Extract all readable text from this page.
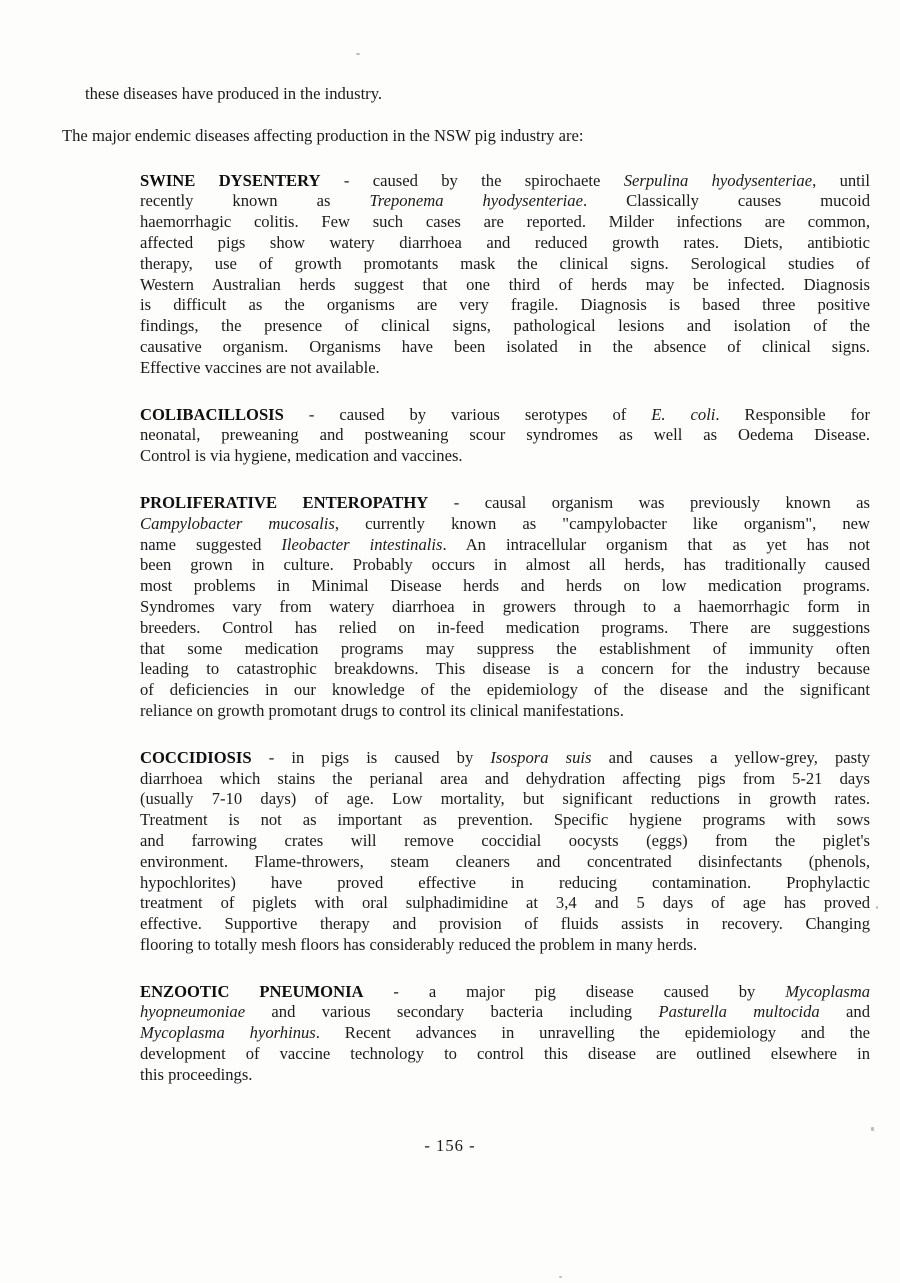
these diseases have produced in the industry.
The major endemic diseases affecting production in the NSW pig industry are:
SWINE DYSENTERY - caused by the spirochaete Serpulina hyodysenteriae, until
recently known as Treponema hyodysenteriae. Classically causes mucoid
haemorrhagic colitis. Few such cases are reported. Milder infections are common,
affected pigs show watery diarrhoea and reduced growth rates. Diets, antibiotic
therapy, use of growth promotants mask the clinical signs. Serological studies of
Western Australian herds suggest that one third of herds may be infected. Diagnosis
is difficult as the organisms are very fragile. Diagnosis is based three positive
findings, the presence of clinical signs, pathological lesions and isolation of the
causative organism. Organisms have been isolated in the absence of clinical signs.
Effective vaccines are not available.
COLIBACILLOSIS - caused by various serotypes of E. coli. Responsible for
neonatal, preweaning and postweaning scour syndromes as well as Oedema Disease.
Control is via hygiene, medication and vaccines.
PROLIFERATIVE ENTEROPATHY - causal organism was previously known as
Campylobacter mucosalis, currently known as "campylobacter like organism", new
name suggested Ileobacter intestinalis. An intracellular organism that as yet has not
been grown in culture. Probably occurs in almost all herds, has traditionally caused
most problems in Minimal Disease herds and herds on low medication programs.
Syndromes vary from watery diarrhoea in growers through to a haemorrhagic form in
breeders. Control has relied on in-feed medication programs. There are suggestions
that some medication programs may suppress the establishment of immunity often
leading to catastrophic breakdowns. This disease is a concern for the industry because
of deficiencies in our knowledge of the epidemiology of the disease and the significant
reliance on growth promotant drugs to control its clinical manifestations.
COCCIDIOSIS - in pigs is caused by Isospora suis and causes a yellow-grey, pasty
diarrhoea which stains the perianal area and dehydration affecting pigs from 5-21 days
(usually 7-10 days) of age. Low mortality, but significant reductions in growth rates.
Treatment is not as important as prevention. Specific hygiene programs with sows
and farrowing crates will remove coccidial oocysts (eggs) from the piglet's
environment. Flame-throwers, steam cleaners and concentrated disinfectants (phenols,
hypochlorites) have proved effective in reducing contamination. Prophylactic
treatment of piglets with oral sulphadimidine at 3,4 and 5 days of age has proved
effective. Supportive therapy and provision of fluids assists in recovery. Changing
flooring to totally mesh floors has considerably reduced the problem in many herds.
ENZOOTIC PNEUMONIA - a major pig disease caused by Mycoplasma
hyopneumoniae and various secondary bacteria including Pasturella multocida and
Mycoplasma hyorhinus. Recent advances in unravelling the epidemiology and the
development of vaccine technology to control this disease are outlined elsewhere in
this proceedings.
- 156 -
